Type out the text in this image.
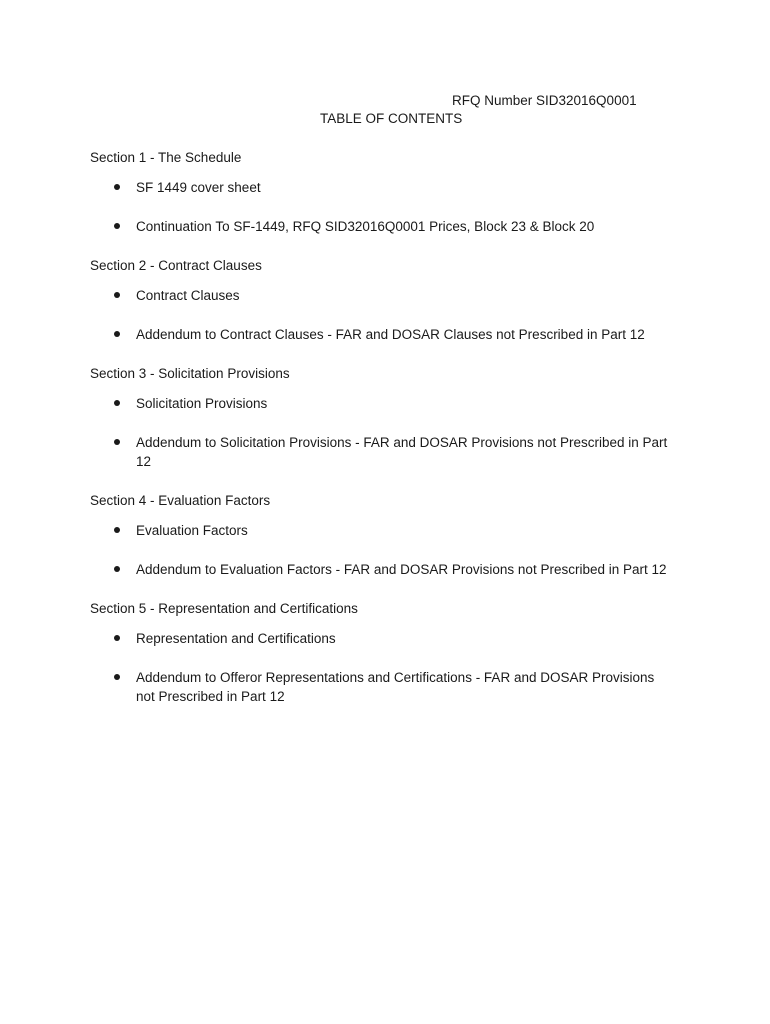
RFQ Number SID32016Q0001
TABLE OF CONTENTS
Section 1 - The Schedule
SF 1449 cover sheet
Continuation To SF-1449, RFQ SID32016Q0001 Prices, Block 23 & Block 20
Section 2 - Contract Clauses
Contract Clauses
Addendum to Contract Clauses - FAR and DOSAR Clauses not Prescribed in Part 12
Section 3 - Solicitation Provisions
Solicitation Provisions
Addendum to Solicitation Provisions - FAR and DOSAR Provisions not Prescribed in Part 12
Section 4 - Evaluation Factors
Evaluation Factors
Addendum to Evaluation Factors - FAR and DOSAR Provisions not Prescribed in Part 12
Section 5 - Representation and Certifications
Representation and Certifications
Addendum to Offeror Representations and Certifications - FAR and DOSAR Provisions not Prescribed in Part 12
